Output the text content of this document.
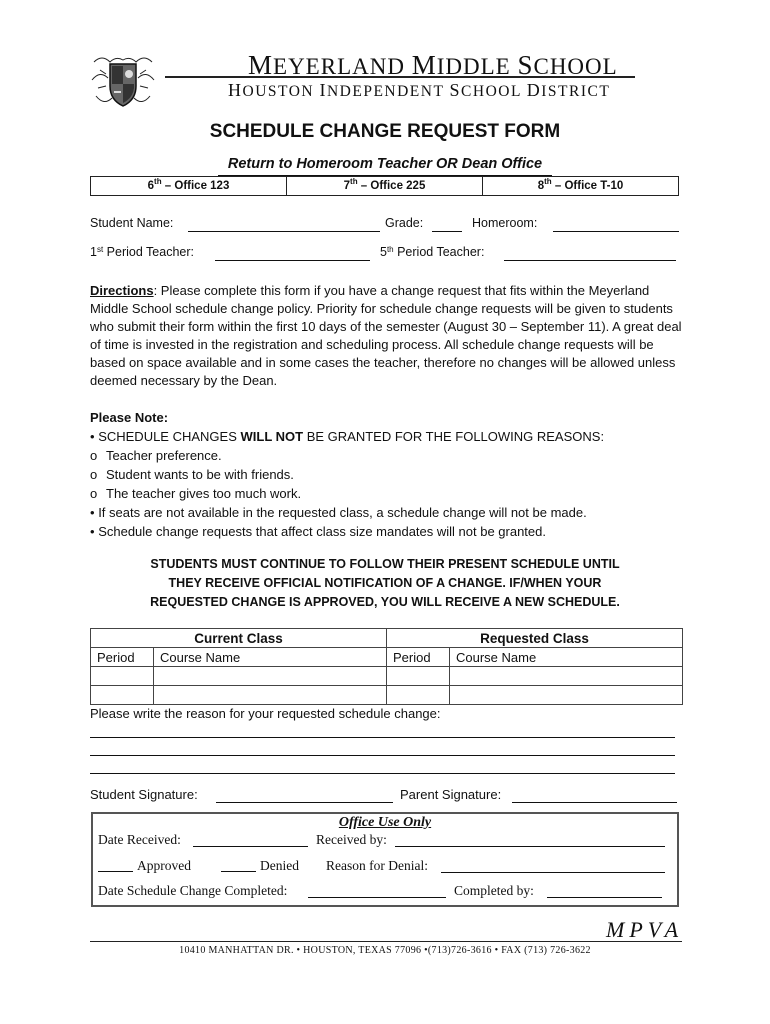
MEYERLAND MIDDLE SCHOOL
HOUSTON INDEPENDENT SCHOOL DISTRICT
SCHEDULE CHANGE REQUEST FORM
Return to Homeroom Teacher OR Dean Office
6th – Office 123	7th – Office 225	8th – Office T-10
Student Name:	Grade:	Homeroom:
1st Period Teacher:	5th Period Teacher:
Directions: Please complete this form if you have a change request that fits within the Meyerland Middle School schedule change policy. Priority for schedule change requests will be given to students who submit their form within the first 10 days of the semester (August 30 – September 11). A great deal of time is invested in the registration and scheduling process. All schedule change requests will be based on space available and in some cases the teacher, therefore no changes will be allowed unless deemed necessary by the Dean.
Please Note:
• SCHEDULE CHANGES WILL NOT BE GRANTED FOR THE FOLLOWING REASONS:
o Teacher preference.
o Student wants to be with friends.
o The teacher gives too much work.
• If seats are not available in the requested class, a schedule change will not be made.
• Schedule change requests that affect class size mandates will not be granted.
STUDENTS MUST CONTINUE TO FOLLOW THEIR PRESENT SCHEDULE UNTIL
THEY RECEIVE OFFICIAL NOTIFICATION OF A CHANGE. IF/WHEN YOUR
REQUESTED CHANGE IS APPROVED, YOU WILL RECEIVE A NEW SCHEDULE.
Current Class		Requested Class	
Period	Course Name	Period	Course Name

Please write the reason for your requested schedule change:
Student Signature:	Parent Signature:
Office Use Only
Date Received:	Received by:
Approved	Denied Reason for Denial:
Date Schedule Change Completed:	Completed by:
MPVA
10410 MANHATTAN DR. • HOUSTON, TEXAS 77096 •(713)726-3616 • FAX (713) 726-3622
